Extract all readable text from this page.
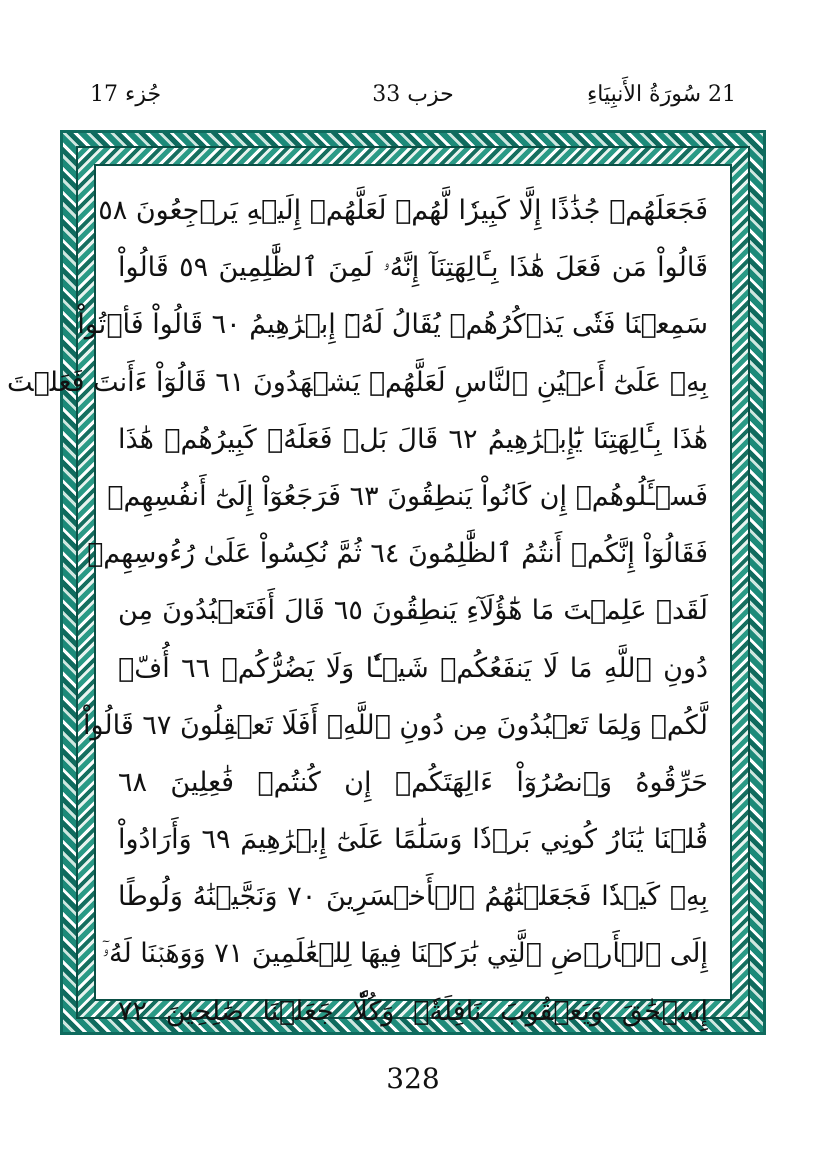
21 سُورَةُ الأَنبِيَاءِ
حزب 33
جُزء 17
فَجَعَلَهُمۡ جُذَٰذًا إِلَّا كَبِيرٗا لَّهُمۡ لَعَلَّهُمۡ إِلَيۡهِ يَرۡجِعُونَ ٥٨
قَالُواْ مَن فَعَلَ هَٰذَا بِـَٔالِهَتِنَآ إِنَّهُۥ لَمِنَ ٱلظَّٰلِمِينَ ٥٩ قَالُواْ
سَمِعۡنَا فَتٗى يَذۡكُرُهُمۡ يُقَالُ لَهُۥٓ إِبۡرَٰهِيمُ ٦٠ قَالُواْ فَأۡتُواْ
بِهِۦ عَلَىٰٓ أَعۡيُنِ ٱلنَّاسِ لَعَلَّهُمۡ يَشۡهَدُونَ ٦١ قَالُوٓاْ ءَأَنتَ فَعَلۡتَ
هَٰذَا بِـَٔالِهَتِنَا يَٰٓإِبۡرَٰهِيمُ ٦٢ قَالَ بَلۡ فَعَلَهُۥ كَبِيرُهُمۡ هَٰذَا
فَسۡـَٔلُوهُمۡ إِن كَانُواْ يَنطِقُونَ ٦٣ فَرَجَعُوٓاْ إِلَىٰٓ أَنفُسِهِمۡ
فَقَالُوٓاْ إِنَّكُمۡ أَنتُمُ ٱلظَّٰلِمُونَ ٦٤ ثُمَّ نُكِسُواْ عَلَىٰ رُءُوسِهِمۡ
لَقَدۡ عَلِمۡتَ مَا هَٰٓؤُلَآءِ يَنطِقُونَ ٦٥ قَالَ أَفَتَعۡبُدُونَ مِن
دُونِ ٱللَّهِ مَا لَا يَنفَعُكُمۡ شَيۡـٔٗا وَلَا يَضُرُّكُمۡ ٦٦ أُفّٖ
لَّكُمۡ وَلِمَا تَعۡبُدُونَ مِن دُونِ ٱللَّهِۚ أَفَلَا تَعۡقِلُونَ ٦٧ قَالُواْ
حَرِّقُوهُ وَٱنصُرُوٓاْ ءَالِهَتَكُمۡ إِن كُنتُمۡ فَٰعِلِينَ ٦٨
قُلۡنَا يَٰنَارُ كُونِي بَرۡدٗا وَسَلَٰمًا عَلَىٰٓ إِبۡرَٰهِيمَ ٦٩ وَأَرَادُواْ
بِهِۦ كَيۡدٗا فَجَعَلۡنَٰهُمُ ٱلۡأَخۡسَرِينَ ٧٠ وَنَجَّيۡنَٰهُ وَلُوطًا
إِلَى ٱلۡأَرۡضِ ٱلَّتِي بَٰرَكۡنَا فِيهَا لِلۡعَٰلَمِينَ ٧١ وَوَهَبۡنَا لَهُۥٓ
إِسۡحَٰقَ وَيَعۡقُوبَ نَافِلَةٗۖ وَكُلّٗا جَعَلۡنَا صَٰلِحِينَ ٧٢
328
